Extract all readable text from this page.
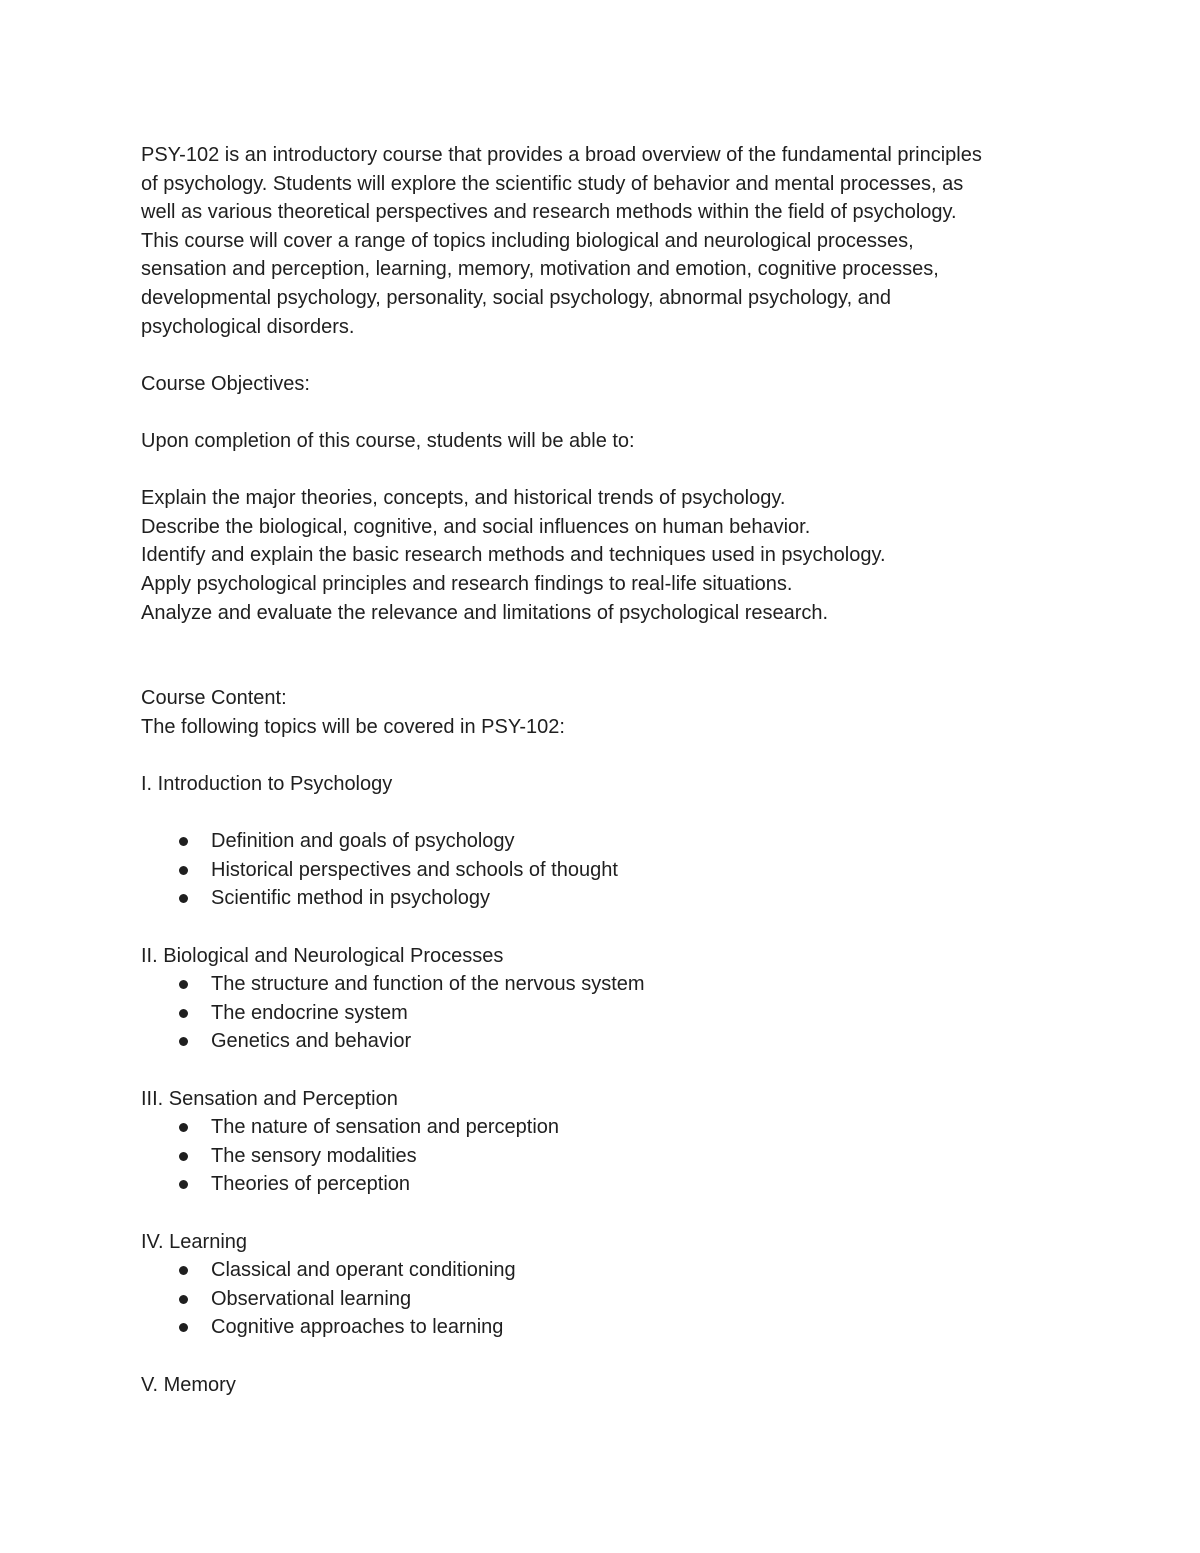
PSY-102 is an introductory course that provides a broad overview of the fundamental principles
of psychology. Students will explore the scientific study of behavior and mental processes, as
well as various theoretical perspectives and research methods within the field of psychology.
This course will cover a range of topics including biological and neurological processes,
sensation and perception, learning, memory, motivation and emotion, cognitive processes,
developmental psychology, personality, social psychology, abnormal psychology, and
psychological disorders.
Course Objectives:
Upon completion of this course, students will be able to:
Explain the major theories, concepts, and historical trends of psychology.
Describe the biological, cognitive, and social influences on human behavior.
Identify and explain the basic research methods and techniques used in psychology.
Apply psychological principles and research findings to real-life situations.
Analyze and evaluate the relevance and limitations of psychological research.
Course Content:
The following topics will be covered in PSY-102:
I. Introduction to Psychology
Definition and goals of psychology
Historical perspectives and schools of thought
Scientific method in psychology
II. Biological and Neurological Processes
The structure and function of the nervous system
The endocrine system
Genetics and behavior
III. Sensation and Perception
The nature of sensation and perception
The sensory modalities
Theories of perception
IV. Learning
Classical and operant conditioning
Observational learning
Cognitive approaches to learning
V. Memory
